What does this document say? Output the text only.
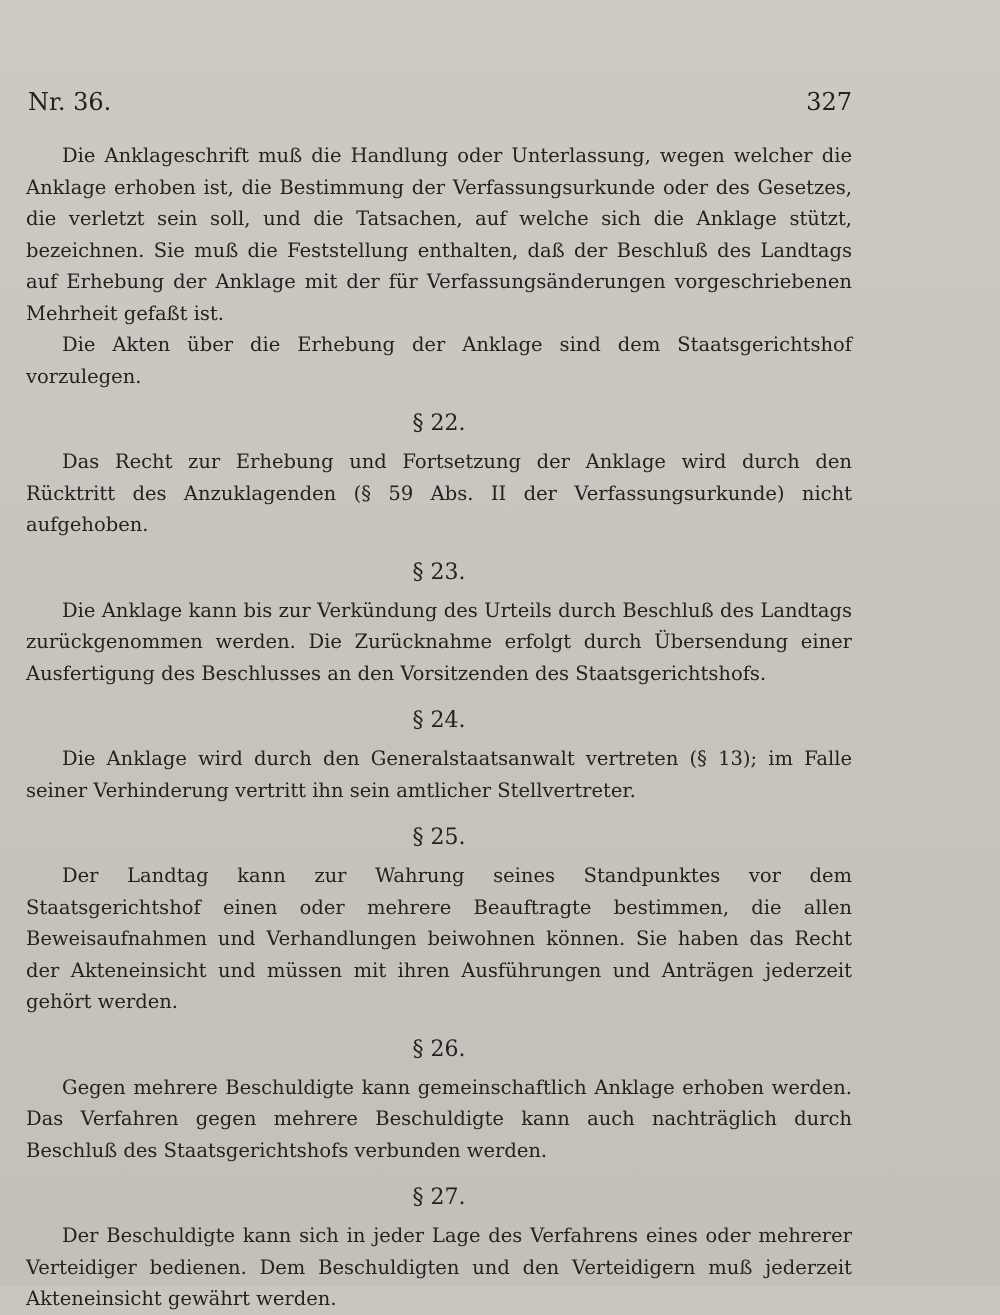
Nr. 36.	327

Die Anklageschrift muß die Handlung oder Unterlassung, wegen welcher die Anklage erhoben ist, die Bestimmung der Verfassungsurkunde oder des Gesetzes, die verletzt sein soll, und die Tatsachen, auf welche sich die Anklage stützt, bezeichnen. Sie muß die Feststellung enthalten, daß der Beschluß des Landtags auf Erhebung der Anklage mit der für Verfassungsänderungen vorgeschriebenen Mehrheit gefaßt ist.

Die Akten über die Erhebung der Anklage sind dem Staatsgerichtshof vorzulegen.

§ 22.

Das Recht zur Erhebung und Fortsetzung der Anklage wird durch den Rücktritt des Anzuklagenden (§ 59 Abs. II der Verfassungsurkunde) nicht aufgehoben.

§ 23.

Die Anklage kann bis zur Verkündung des Urteils durch Beschluß des Landtags zurückgenommen werden. Die Zurücknahme erfolgt durch Übersendung einer Ausfertigung des Beschlusses an den Vorsitzenden des Staatsgerichtshofs.

§ 24.

Die Anklage wird durch den Generalstaatsanwalt vertreten (§ 13); im Falle seiner Verhinderung vertritt ihn sein amtlicher Stellvertreter.

§ 25.

Der Landtag kann zur Wahrung seines Standpunktes vor dem Staatsgerichtshof einen oder mehrere Beauftragte bestimmen, die allen Beweisaufnahmen und Verhandlungen beiwohnen können. Sie haben das Recht der Akteneinsicht und müssen mit ihren Ausführungen und Anträgen jederzeit gehört werden.

§ 26.

Gegen mehrere Beschuldigte kann gemeinschaftlich Anklage erhoben werden. Das Verfahren gegen mehrere Beschuldigte kann auch nachträglich durch Beschluß des Staatsgerichtshofs verbunden werden.

§ 27.

Der Beschuldigte kann sich in jeder Lage des Verfahrens eines oder mehrerer Verteidiger bedienen. Dem Beschuldigten und den Verteidigern muß jederzeit Akteneinsicht gewährt werden.
